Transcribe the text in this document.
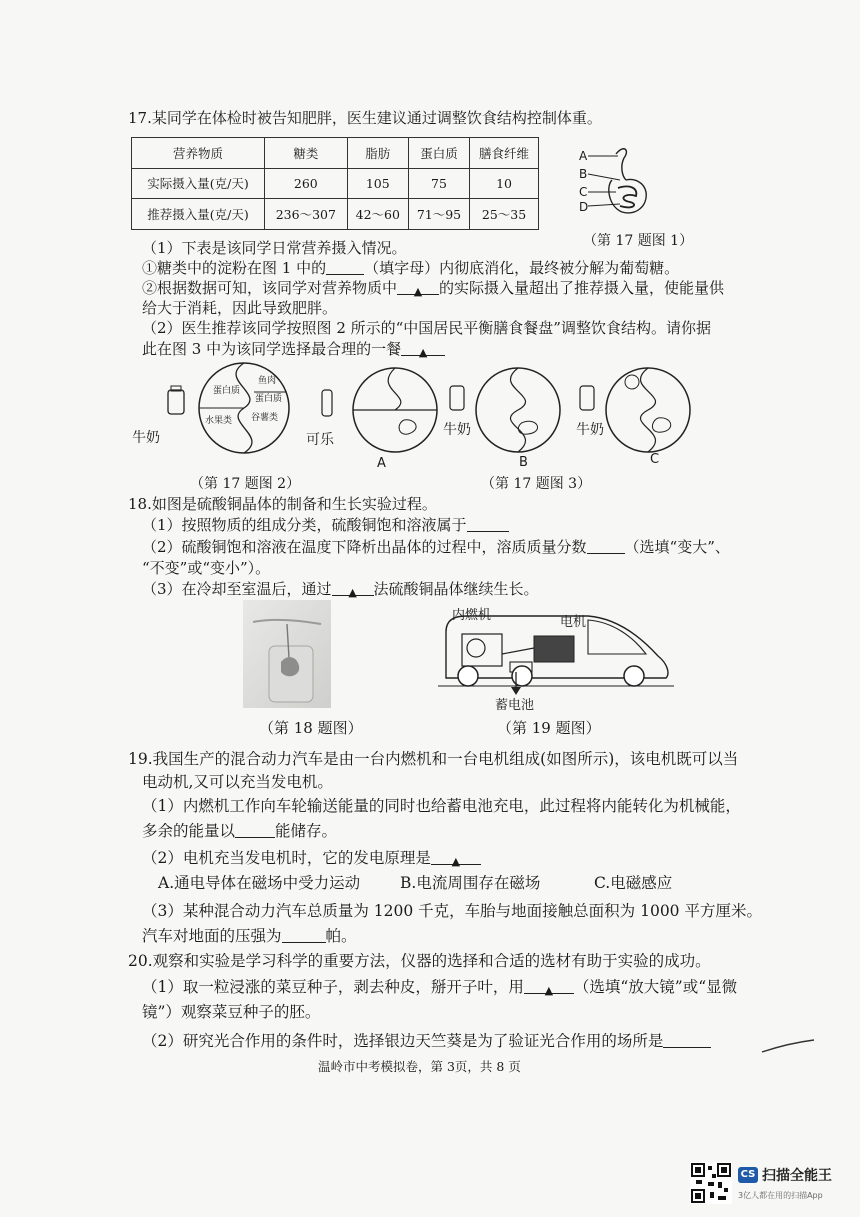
17.某同学在体检时被告知肥胖，医生建议通过调整饮食结构控制体重。
营养物质	糖类	脂肪	蛋白质	膳食纤维
实际摄入量(克/天)	260	105	75	10
推荐摄入量(克/天)	236～307	42～60	71～95	25～35
A
B
C
D
（第 17 题图 1）
（1）下表是该同学日常营养摄入情况。
①糖类中的淀粉在图 1 中的	（填字母）内彻底消化，最终被分解为葡萄糖。
②根据数据可知，该同学对营养物质中 ▲ 的实际摄入量超出了推荐摄入量，使能量供
给大于消耗，因此导致肥胖。
（2）医生推荐该同学按照图 2 所示的“中国居民平衡膳食餐盘”调整饮食结构。请你据
此在图 3 中为该同学选择最合理的一餐 ▲
蛋白质
鱼肉
蛋白质
水果类 谷薯类
牛奶	可乐
牛奶	牛奶
A	B	C
（第 17 题图 2）	（第 17 题图 3）
18.如图是硫酸铜晶体的制备和生长实验过程。
（1）按照物质的组成分类，硫酸铜饱和溶液属于
（2）硫酸铜饱和溶液在温度下降析出晶体的过程中，溶质质量分数	（选填“变大”、
“不变”或“变小”）。
（3）在冷却至室温后，通过 ▲ 法硫酸铜晶体继续生长。
（第 18 题图）
内燃机	电机
蓄电池
（第 19 题图）
19.我国生产的混合动力汽车是由一台内燃机和一台电机组成(如图所示)，该电机既可以当
电动机,又可以充当发电机。
（1）内燃机工作向车轮输送能量的同时也给蓄电池充电，此过程将内能转化为机械能，
多余的能量以	能储存。
（2）电机充当发电机时，它的发电原理是 ▲
A.通电导体在磁场中受力运动	B.电流周围存在磁场	C.电磁感应
（3）某种混合动力汽车总质量为 1200 千克，车胎与地面接触总面积为 1000 平方厘米。
汽车对地面的压强为	帕。
20.观察和实验是学习科学的重要方法，仪器的选择和合适的选材有助于实验的成功。
（1）取一粒浸涨的菜豆种子，剥去种皮，掰开子叶，用 ▲ （选填“放大镜”或“显微
镜”）观察菜豆种子的胚。
（2）研究光合作用的条件时，选择银边天竺葵是为了验证光合作用的场所是
温岭市中考模拟卷，第 3页，共 8 页
CS 扫描全能王
3亿人都在用的扫描App
